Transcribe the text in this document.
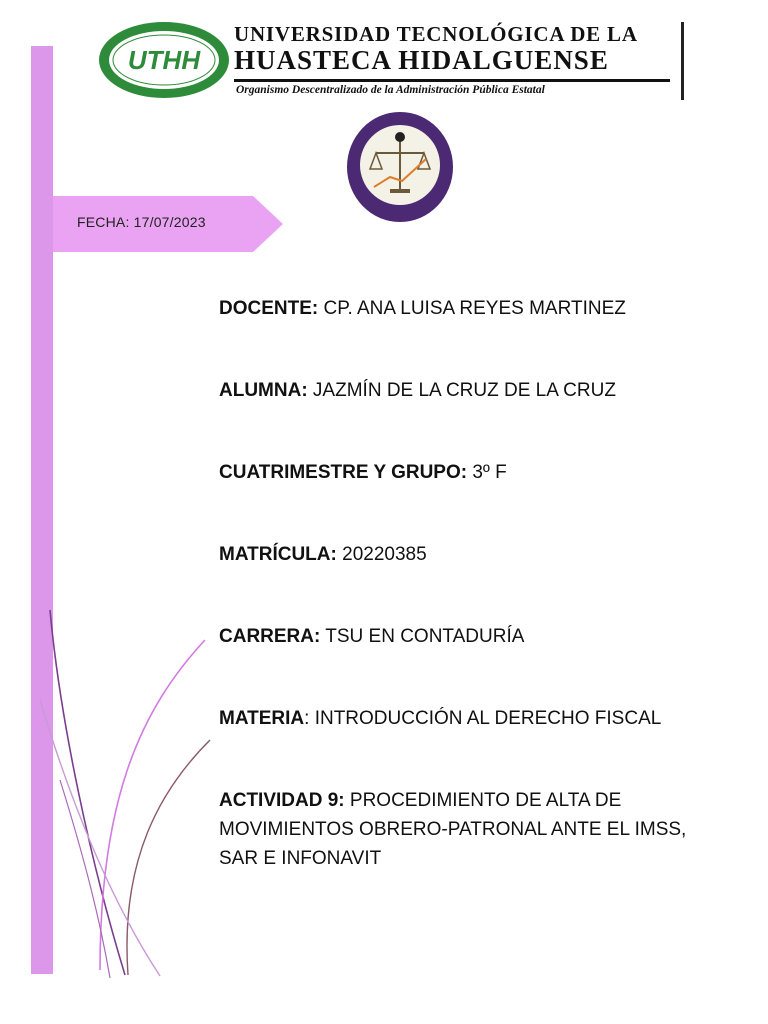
FECHA: 17/07/2023
UTHH
UNIVERSIDAD TECNOLÓGICA DE LA
HUASTECA HIDALGUENSE
Organismo Descentralizado de la Administración Pública Estatal
DOCENTE: CP. ANA LUISA REYES MARTINEZ
ALUMNA: JAZMÍN DE LA CRUZ DE LA CRUZ
CUATRIMESTRE Y GRUPO: 3º F
MATRÍCULA: 20220385
CARRERA: TSU EN CONTADURÍA
MATERIA: INTRODUCCIÓN AL DERECHO FISCAL
ACTIVIDAD 9: PROCEDIMIENTO DE ALTA DE MOVIMIENTOS OBRERO-PATRONAL ANTE EL IMSS, SAR E INFONAVIT
